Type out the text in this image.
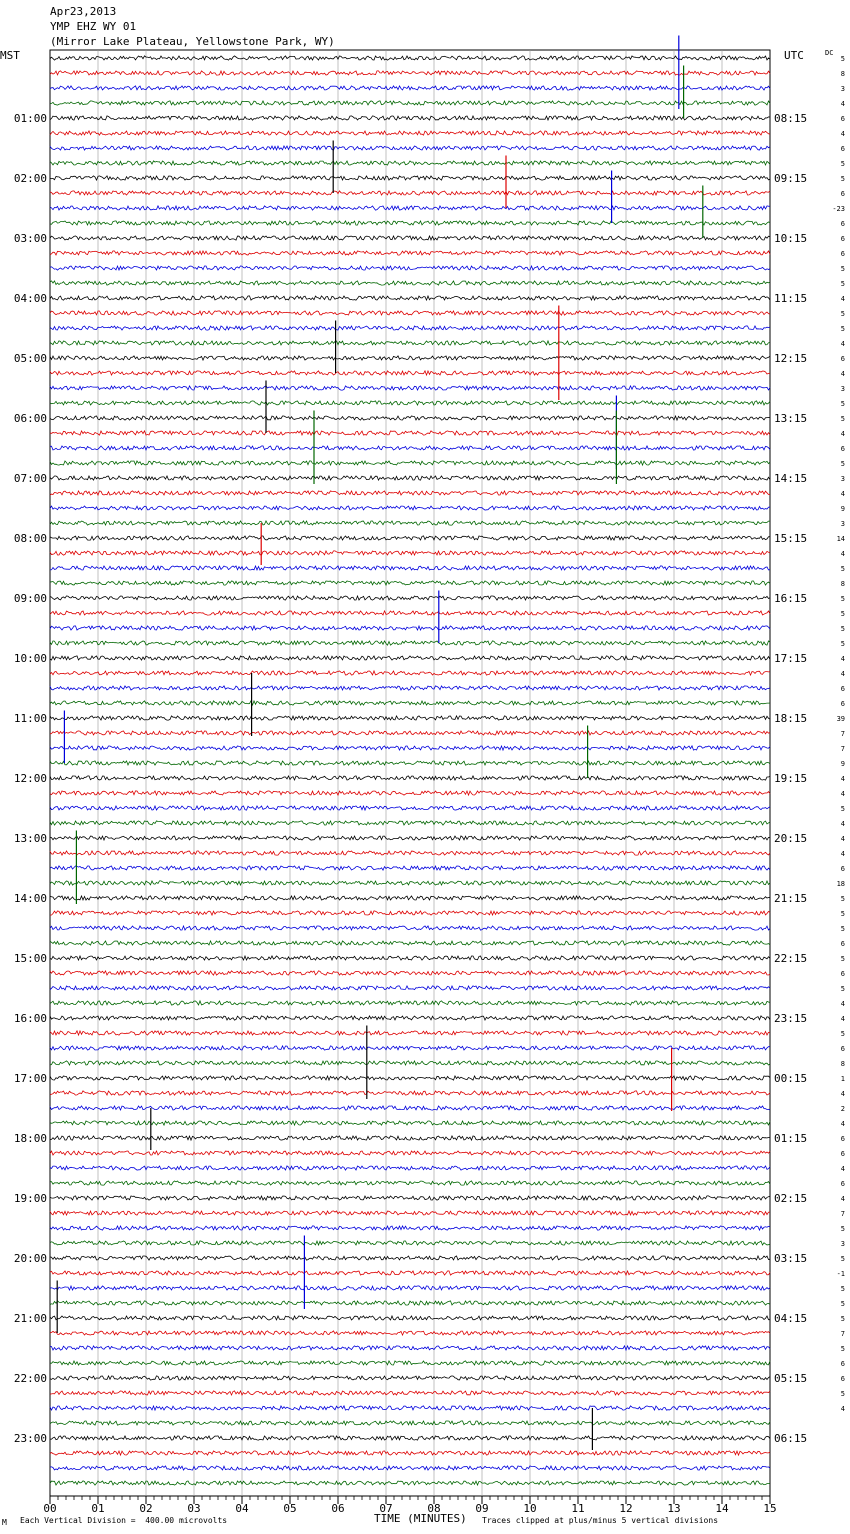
Apr23,2013
YMP EHZ WY 01
(Mirror Lake Plateau, Yellowstone Park, WY)
MST	UTC	DC
01:00
02:00
03:00
04:00
05:00
06:00
07:00
08:00
09:00
10:00
11:00
12:00
13:00
14:00
15:00
16:00
17:00
18:00
19:00
20:00
21:00
22:00
23:00
08:15
09:15
10:15
11:15
12:15
13:15
14:15
15:15
16:15
17:15
18:15
19:15
20:15
21:15
22:15
23:15
00:15
01:15
02:15
03:15
04:15
05:15
06:15
5
8
3
4
6
4
6
5
5
6
-23
6
6
6
5
5
4
5
5
4
6
4
3
5
5
4
6
5
3
4
9
3
14
4
5
8
5
5
5
5
4
4
6
6
39
7
7
9
4
4
5
4
4
4
6
18
5
5
5
6
5
6
5
4
4
5
6
8
1
4
2
4
6
6
4
6
4
7
5
3
5
-1
5
5
5
7
5
6
6
5
4
00	01	02	03	04	05	06	07	08	09	10	11	12	13	14	15
M Each Vertical Division =  400.00 microvolts	TIME (MINUTES) Traces clipped at plus/minus 5 vertical divisions
